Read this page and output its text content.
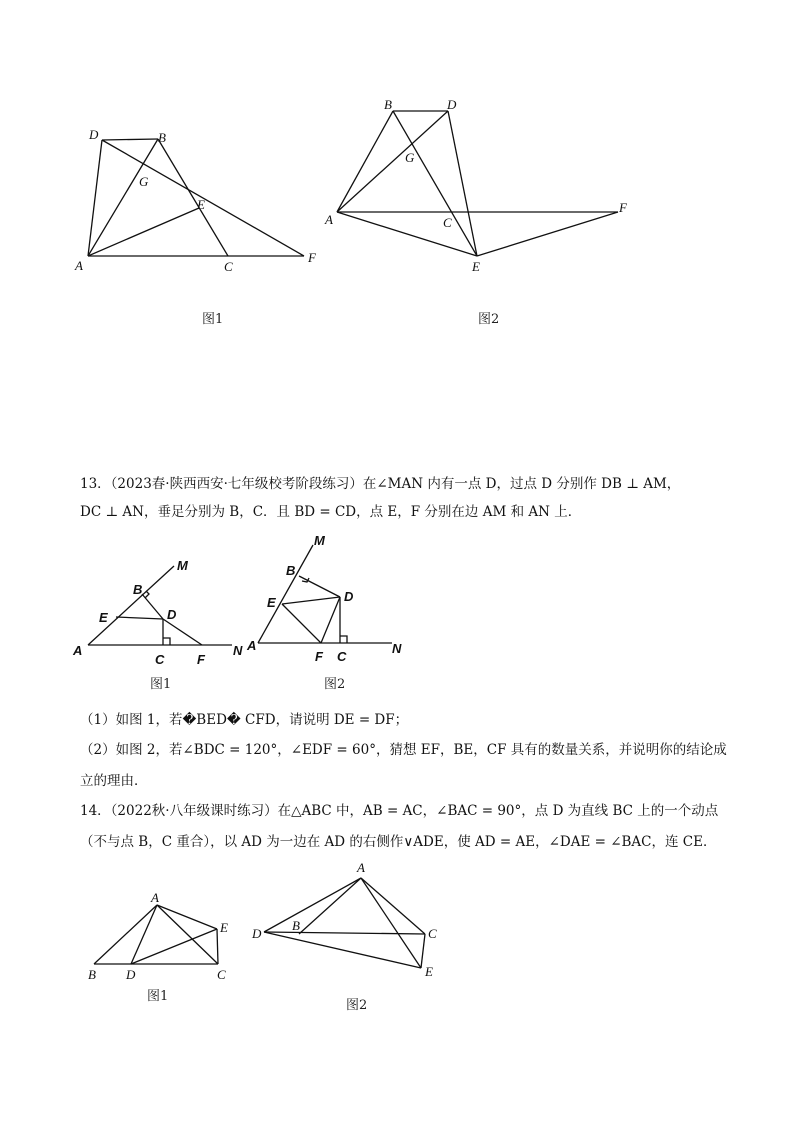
D	B
G
E
A	C
F
图1
B	D
G
A	C
F
E
图2
13．（2023春·陕西西安·七年级校考阶段练习）在∠MAN 内有一点 D，过点 D 分别作 DB ⊥ AM，
DC ⊥ AN，垂足分别为 B，C．且 BD = CD，点 E，F 分别在边 AM 和 AN 上．
M
B
E	D
A
C	F
N
图1
M
B
E	D
A
F C
N
图2
（1）如图 1，若�BED� CFD，请说明 DE = DF；
（2）如图 2，若∠BDC = 120°，∠EDF = 60°，猜想 EF，BE，CF 具有的数量关系，并说明你的结论成
立的理由．
14．（2022秋·八年级课时练习）在△ABC 中，AB = AC，∠BAC = 90°，点 D 为直线 BC 上的一个动点
（不与点 B，C 重合），以 AD 为一边在 AD 的右侧作∨ADE，使 AD = AE，∠DAE = ∠BAC，连 CE．
A
E
B D	C
图1
A
D
B
C
E
图2
